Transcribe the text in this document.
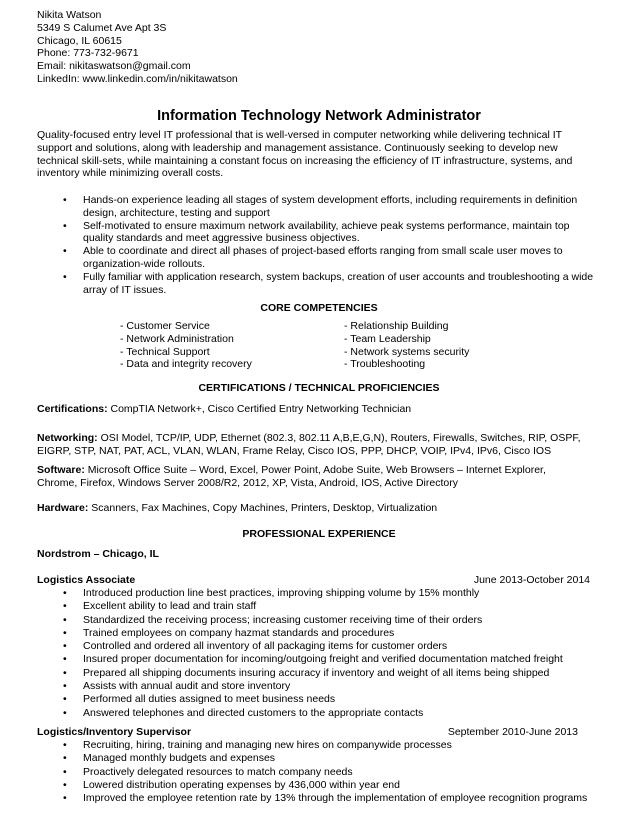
Nikita Watson
5349 S Calumet Ave Apt 3S
Chicago, IL 60615
Phone: 773-732-9671
Email: nikitaswatson@gmail.com
LinkedIn: www.linkedin.com/in/nikitawatson
Information Technology Network Administrator
Quality-focused entry level IT professional that is well-versed in computer networking while delivering technical IT
support and solutions, along with leadership and management assistance. Continuously seeking to develop new
technical skill-sets, while maintaining a constant focus on increasing the efficiency of IT infrastructure, systems, and
inventory while minimizing overall costs.
• Hands-on experience leading all stages of system development efforts, including requirements in definition
design, architecture, testing and support
• Self-motivated to ensure maximum network availability, achieve peak systems performance, maintain top
quality standards and meet aggressive business objectives.
• Able to coordinate and direct all phases of project-based efforts ranging from small scale user moves to
organization-wide rollouts.
• Fully familiar with application research, system backups, creation of user accounts and troubleshooting a wide
array of IT issues.
CORE COMPETENCIES
- Customer Service
- Network Administration
- Technical Support
- Data and integrity recovery
- Relationship Building
- Team Leadership
- Network systems security
- Troubleshooting
CERTIFICATIONS / TECHNICAL PROFICIENCIES
Certifications: CompTIA Network+, Cisco Certified Entry Networking Technician
Networking: OSI Model, TCP/IP, UDP, Ethernet (802.3, 802.11 A,B,E,G,N), Routers, Firewalls, Switches, RIP, OSPF,
EIGRP, STP, NAT, PAT, ACL, VLAN, WLAN, Frame Relay, Cisco IOS, PPP, DHCP, VOIP, IPv4, IPv6, Cisco IOS
Software: Microsoft Office Suite – Word, Excel, Power Point, Adobe Suite, Web Browsers – Internet Explorer,
Chrome, Firefox, Windows Server 2008/R2, 2012, XP, Vista, Android, IOS, Active Directory
Hardware: Scanners, Fax Machines, Copy Machines, Printers, Desktop, Virtualization
PROFESSIONAL EXPERIENCE
Nordstrom – Chicago, IL
Logistics Associate	June 2013-October 2014
• Introduced production line best practices, improving shipping volume by 15% monthly
• Excellent ability to lead and train staff
• Standardized the receiving process; increasing customer receiving time of their orders
• Trained employees on company hazmat standards and procedures
• Controlled and ordered all inventory of all packaging items for customer orders
• Insured proper documentation for incoming/outgoing freight and verified documentation matched freight
• Prepared all shipping documents insuring accuracy if inventory and weight of all items being shipped
• Assists with annual audit and store inventory
• Performed all duties assigned to meet business needs
• Answered telephones and directed customers to the appropriate contacts
Logistics/Inventory Supervisor	September 2010-June 2013
• Recruiting, hiring, training and managing new hires on companywide processes
• Managed monthly budgets and expenses
• Proactively delegated resources to match company needs
• Lowered distribution operating expenses by 436,000 within year end
• Improved the employee retention rate by 13% through the implementation of employee recognition programs
